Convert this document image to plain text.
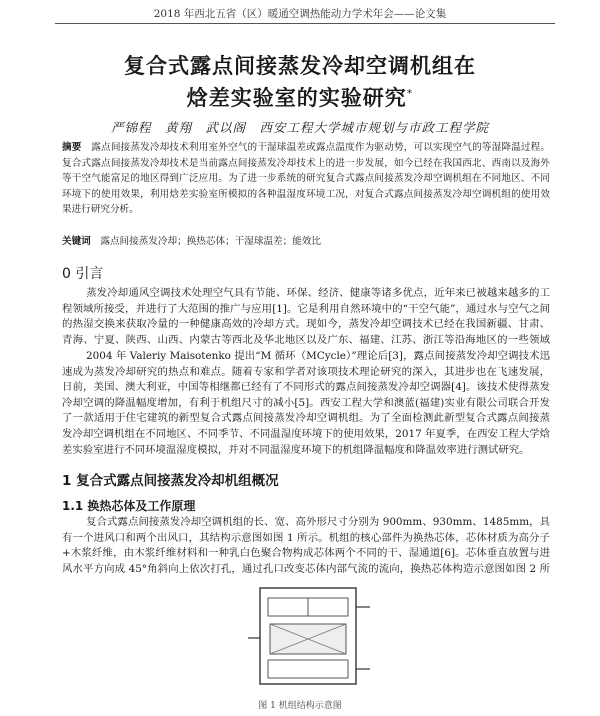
2018 年西北五省（区）暖通空调热能动力学术年会——论文集
复合式露点间接蒸发冷却空调机组在
焓差实验室的实验研究*
严锦程　黄翔　武以阁　西安工程大学城市规划与市政工程学院
摘要　 露点间接蒸发冷却技术利用室外空气的干湿球温差或露点温度作为驱动势，可以实现空气的等湿降温过程。复合式露点间接蒸发冷却技术是当前露点间接蒸发冷却技术上的进一步发展，如今已经在我国西北、西南以及海外等干空气能富足的地区得到广泛应用。为了进一步系统的研究复合式露点间接蒸发冷却空调机组在不同地区、不同环境下的使用效果，利用焓差实验室所模拟的各种温湿度环境工况，对复合式露点间接蒸发冷却空调机组的使用效果进行研究分析。
关键词　 露点间接蒸发冷却；换热芯体；干湿球温差；能效比
0 引言
蒸发冷却通风空调技术处理空气具有节能、环保、经济、健康等诸多优点，近年来已被越来越多的工程领域所接受，并进行了大范围的推广与应用[1]。它是利用自然环境中的“干空气能”，通过水与空气之间的热湿交换来获取冷量的一种健康高效的冷却方式。现如今，蒸发冷却空调技术已经在我国新疆、甘肃、青海、宁夏、陕西、山西、内蒙古等西北及华北地区以及广东、福建、江苏、浙江等沿海地区的一些领域
2004 年 Valeriy Maisotenko 提出“M 循环（MCycle）”理论后[3]，露点间接蒸发冷却空调技术迅速成为蒸发冷却研究的热点和难点。随着专家和学者对该项技术理论研究的深入，其进步也在飞速发展，日前，美国、澳大利亚，中国等相继都已经有了不同形式的露点间接蒸发冷却空调器[4]。该技术使得蒸发冷却空调的降温幅度增加，有利于机组尺寸的减小[5]。西安工程大学和澳蓝(福建)实业有限公司联合开发了一款适用于住宅建筑的新型复合式露点间接蒸发冷却空调机组。为了全面检测此新型复合式露点间接蒸发冷却空调机组在不同地区、不同季节、不同温湿度环境下的使用效果，2017 年夏季，在西安工程大学焓差实验室进行不同环境温湿度模拟，并对不同温湿度环境下的机组降温幅度和降温效率进行测试研究。
1 复合式露点间接蒸发冷却机组概况
1.1 换热芯体及工作原理
复合式露点间接蒸发冷却空调机组的长、宽、高外形尺寸分别为 900mm、930mm、1485mm，具有一个进风口和两个出风口，其结构示意图如图 1 所示。机组的核心部件为换热芯体，芯体材质为高分子+木浆纤维，由木浆纤维材料和一种乳白色聚合物构成芯体两个不同的干、湿通道[6]。芯体垂直放置与进风水平方向成 45°角斜向上依次打孔，通过孔口改变芯体内部气流的流向，换热芯体构造示意图如图 2 所
图 1 机组结构示意图
